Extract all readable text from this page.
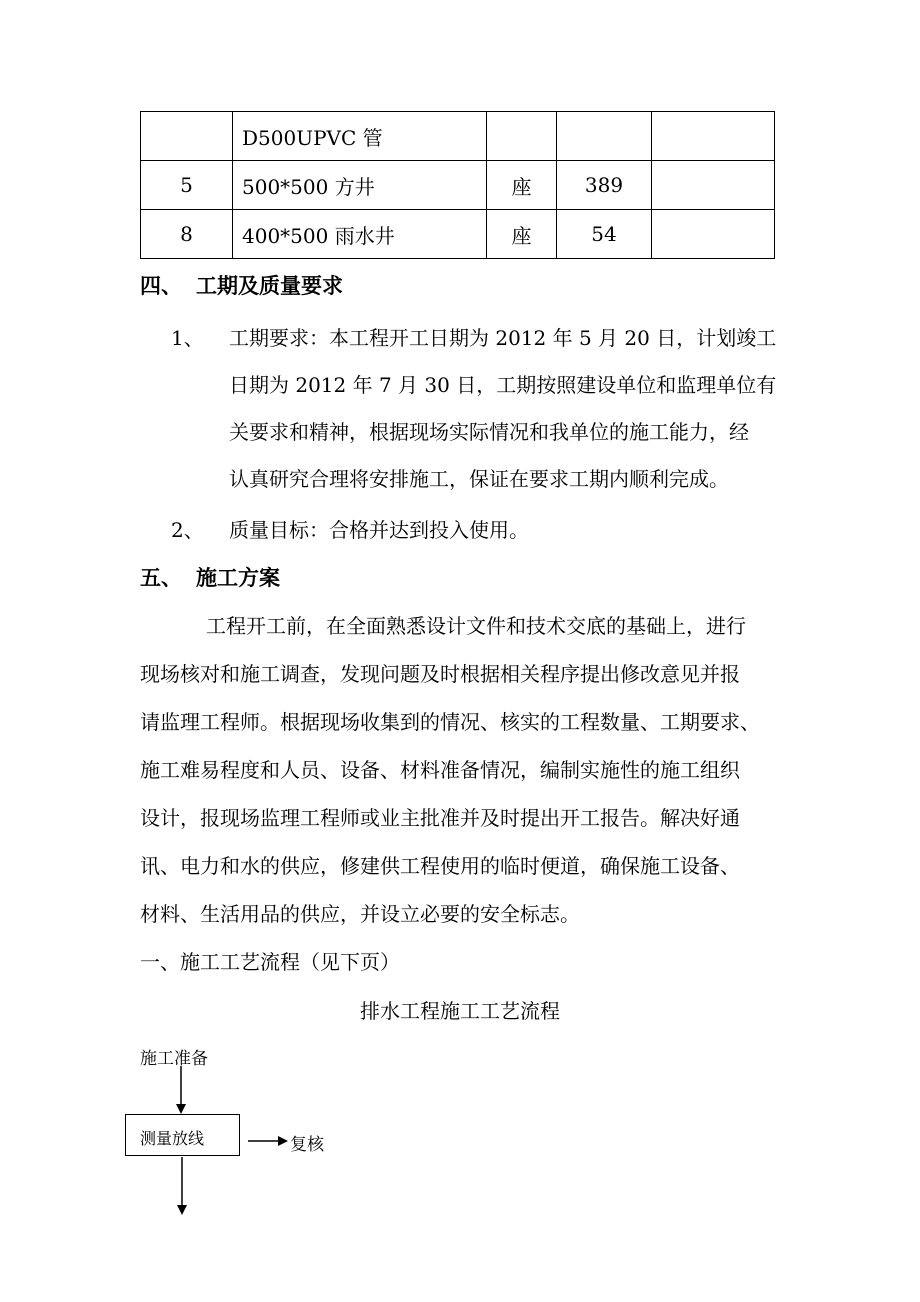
	D500UPVC 管			
5	500*500 方井	座	389	
8	400*500 雨水井	座	54	
四、 工期及质量要求
1、 工期要求：本工程开工日期为 2012 年 5 月 20 日，计划竣工
日期为 2012 年 7 月 30 日，工期按照建设单位和监理单位有
关要求和精神，根据现场实际情况和我单位的施工能力，经
认真研究合理将安排施工，保证在要求工期内顺利完成。
2、 质量目标：合格并达到投入使用。
五、 施工方案
工程开工前，在全面熟悉设计文件和技术交底的基础上，进行
现场核对和施工调查，发现问题及时根据相关程序提出修改意见并报
请监理工程师。根据现场收集到的情况、核实的工程数量、工期要求、
施工难易程度和人员、设备、材料准备情况，编制实施性的施工组织
设计，报现场监理工程师或业主批准并及时提出开工报告。解决好通
讯、电力和水的供应，修建供工程使用的临时便道，确保施工设备、
材料、生活用品的供应，并设立必要的安全标志。
一、施工工艺流程（见下页）
排水工程施工工艺流程
施工准备
测量放线	复核
